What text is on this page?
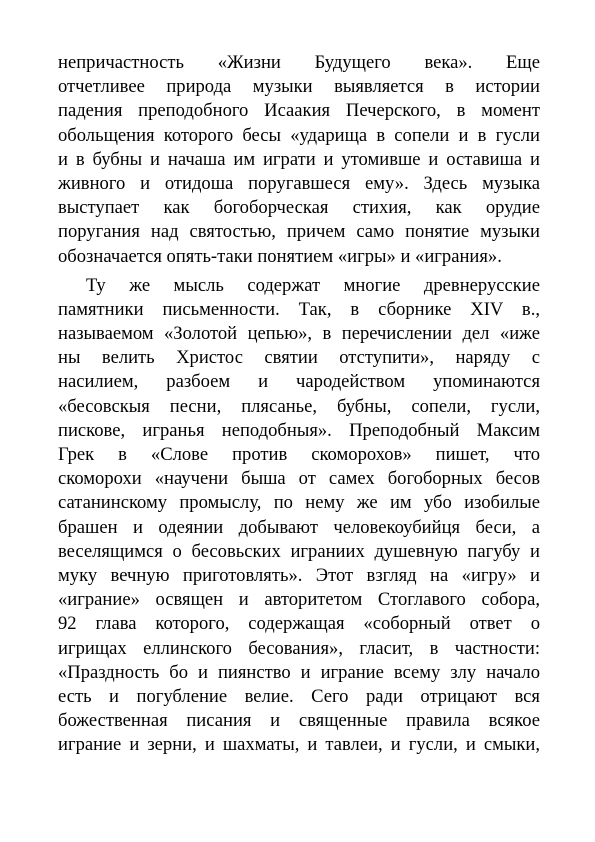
непричастность «Жизни Будущего века». Еще
отчетливее природа музыки выявляется в истории
падения преподобного Исаакия Печерского, в момент
обольщения которого бесы «ударища в сопели и в гусли
и в бубны и начаша им играти и утомивше и оставиша и
живного и отидоша поругавшеся ему». Здесь музыка
выступает как богоборческая стихия, как орудие
поругания над святостью, причем само понятие музыки
обозначается опять-таки понятием «игры» и «играния».
Ту же мысль содержат многие древнерусские
памятники письменности. Так, в сборнике XIV в.,
называемом «Золотой цепью», в перечислении дел «иже
ны велить Христос святии отступити», наряду с
насилием, разбоем и чародейством упоминаются
«бесовскыя песни, плясанье, бубны, сопели, гусли,
пискове, игранья неподобныя». Преподобный Максим
Грек в «Слове против скоморохов» пишет, что
скоморохи «научени быша от самех богоборных бесов
сатанинскому промыслу, по нему же им убо изобилые
брашен и одеянии добывают человекоубийця беси, а
веселящимся о бесовьских играниих душевную пагубу и
муку вечную приготовлять». Этот взгляд на «игру» и
«играние» освящен и авторитетом Стоглавого собора,
92 глава которого, содержащая «соборный ответ о
игрищах еллинского бесования», гласит, в частности:
«Праздность бо и пиянство и играние всему злу начало
есть и погубление велие. Сего ради отрицают вся
божественная писания и священные правила всякое
играние и зерни, и шахматы, и тавлеи, и гусли, и смыки,
